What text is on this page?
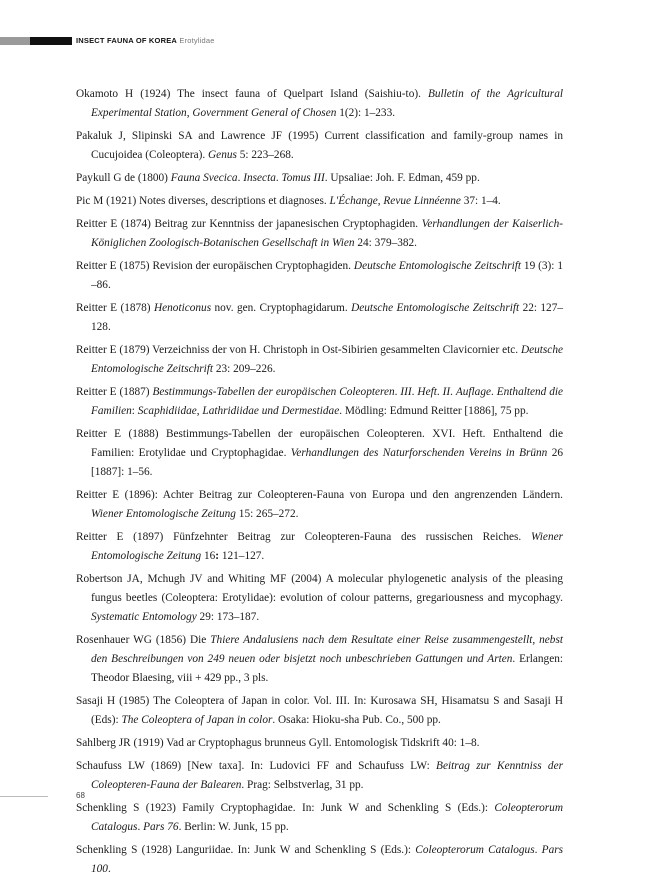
INSECT FAUNA OF KOREA Erotylidae

Okamoto H (1924) The insect fauna of Quelpart Island (Saishiu-to). Bulletin of the Agricultural Experimental Station, Government General of Chosen 1(2): 1–233.

Pakaluk J, Slipinski SA and Lawrence JF (1995) Current classification and family-group names in Cucujoidea (Coleoptera). Genus 5: 223–268.

Paykull G de (1800) Fauna Svecica. Insecta. Tomus III. Upsaliae: Joh. F. Edman, 459 pp.

Pic M (1921) Notes diverses, descriptions et diagnoses. L'Échange, Revue Linnéenne 37: 1–4.

Reitter E (1874) Beitrag zur Kenntniss der japanesischen Cryptophagiden. Verhandlungen der Kaiserlich-Königlichen Zoologisch-Botanischen Gesellschaft in Wien 24: 379–382.

Reitter E (1875) Revision der europäischen Cryptophagiden. Deutsche Entomologische Zeitschrift 19 (3): 1 –86.

Reitter E (1878) Henoticonus nov. gen. Cryptophagidarum. Deutsche Entomologische Zeitschrift 22: 127–128.

Reitter E (1879) Verzeichniss der von H. Christoph in Ost-Sibirien gesammelten Clavicornier etc. Deutsche Entomologische Zeitschrift 23: 209–226.

Reitter E (1887) Bestimmungs-Tabellen der europäischen Coleopteren. III. Heft. II. Auflage. Enthaltend die Familien: Scaphidiidae, Lathridiidae und Dermestidae. Mödling: Edmund Reitter [1886], 75 pp.

Reitter E (1888) Bestimmungs-Tabellen der europäischen Coleopteren. XVI. Heft. Enthaltend die Familien: Erotylidae und Cryptophagidae. Verhandlungen des Naturforschenden Vereins in Brünn 26 [1887]: 1–56.

Reitter E (1896): Achter Beitrag zur Coleopteren-Fauna von Europa und den angrenzenden Ländern. Wiener Entomologische Zeitung 15: 265–272.

Reitter E (1897) Fünfzehnter Beitrag zur Coleopteren-Fauna des russischen Reiches. Wiener Entomologische Zeitung 16: 121–127.

Robertson JA, Mchugh JV and Whiting MF (2004) A molecular phylogenetic analysis of the pleasing fungus beetles (Coleoptera: Erotylidae): evolution of colour patterns, gregariousness and mycophagy. Systematic Entomology 29: 173–187.

Rosenhauer WG (1856) Die Thiere Andalusiens nach dem Resultate einer Reise zusammengestellt, nebst den Beschreibungen von 249 neuen oder bisjetzt noch unbeschrieben Gattungen und Arten. Erlangen: Theodor Blaesing, viii + 429 pp., 3 pls.

Sasaji H (1985) The Coleoptera of Japan in color. Vol. III. In: Kurosawa SH, Hisamatsu S and Sasaji H (Eds): The Coleoptera of Japan in color. Osaka: Hioku-sha Pub. Co., 500 pp.

Sahlberg JR (1919) Vad ar Cryptophagus brunneus Gyll. Entomologisk Tidskrift 40: 1–8.

Schaufuss LW (1869) [New taxa]. In: Ludovici FF and Schaufuss LW: Beitrag zur Kenntniss der Coleopteren-Fauna der Balearen. Prag: Selbstverlag, 31 pp.

Schenkling S (1923) Family Cryptophagidae. In: Junk W and Schenkling S (Eds.): Coleopterorum Catalogus. Pars 76. Berlin: W. Junk, 15 pp.

Schenkling S (1928) Languriidae. In: Junk W and Schenkling S (Eds.): Coleopterorum Catalogus. Pars 100.

68
